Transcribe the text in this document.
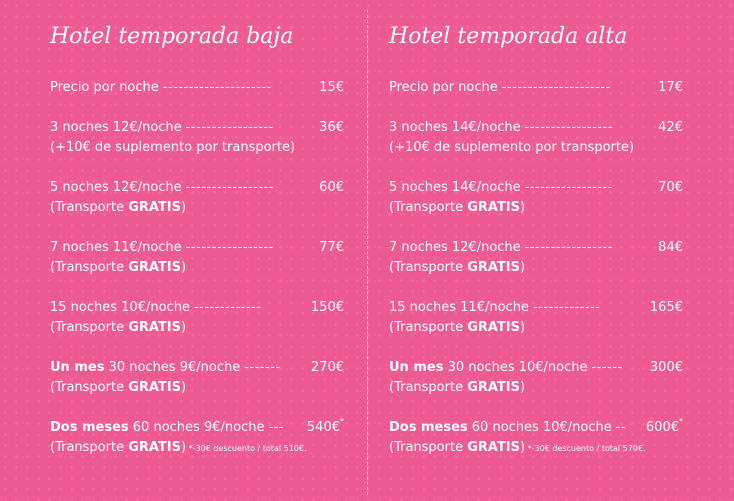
Hotel temporada baja
Precio por noche ---------------------	15€
3 noches 12€/noche -----------------	36€
(+10€ de suplemento por transporte)
5 noches 12€/noche -----------------	60€
(Transporte GRATIS)
7 noches 11€/noche -----------------	77€
(Transporte GRATIS)
15 noches 10€/noche -------------	150€
(Transporte GRATIS)
Un mes 30 noches 9€/noche -------	270€
(Transporte GRATIS)
Dos meses 60 noches 9€/noche ---	540€*
(Transporte GRATIS) *-30€ descuento / total 510€.
Hotel temporada alta
Precio por noche ---------------------	17€
3 noches 14€/noche -----------------	42€
(+10€ de suplemento por transporte)
5 noches 14€/noche -----------------	70€
(Transporte GRATIS)
7 noches 12€/noche -----------------	84€
(Transporte GRATIS)
15 noches 11€/noche -------------	165€
(Transporte GRATIS)
Un mes 30 noches 10€/noche ------	300€
(Transporte GRATIS)
Dos meses 60 noches 10€/noche --	600€*
(Transporte GRATIS) *-30€ descuento / total 570€.
